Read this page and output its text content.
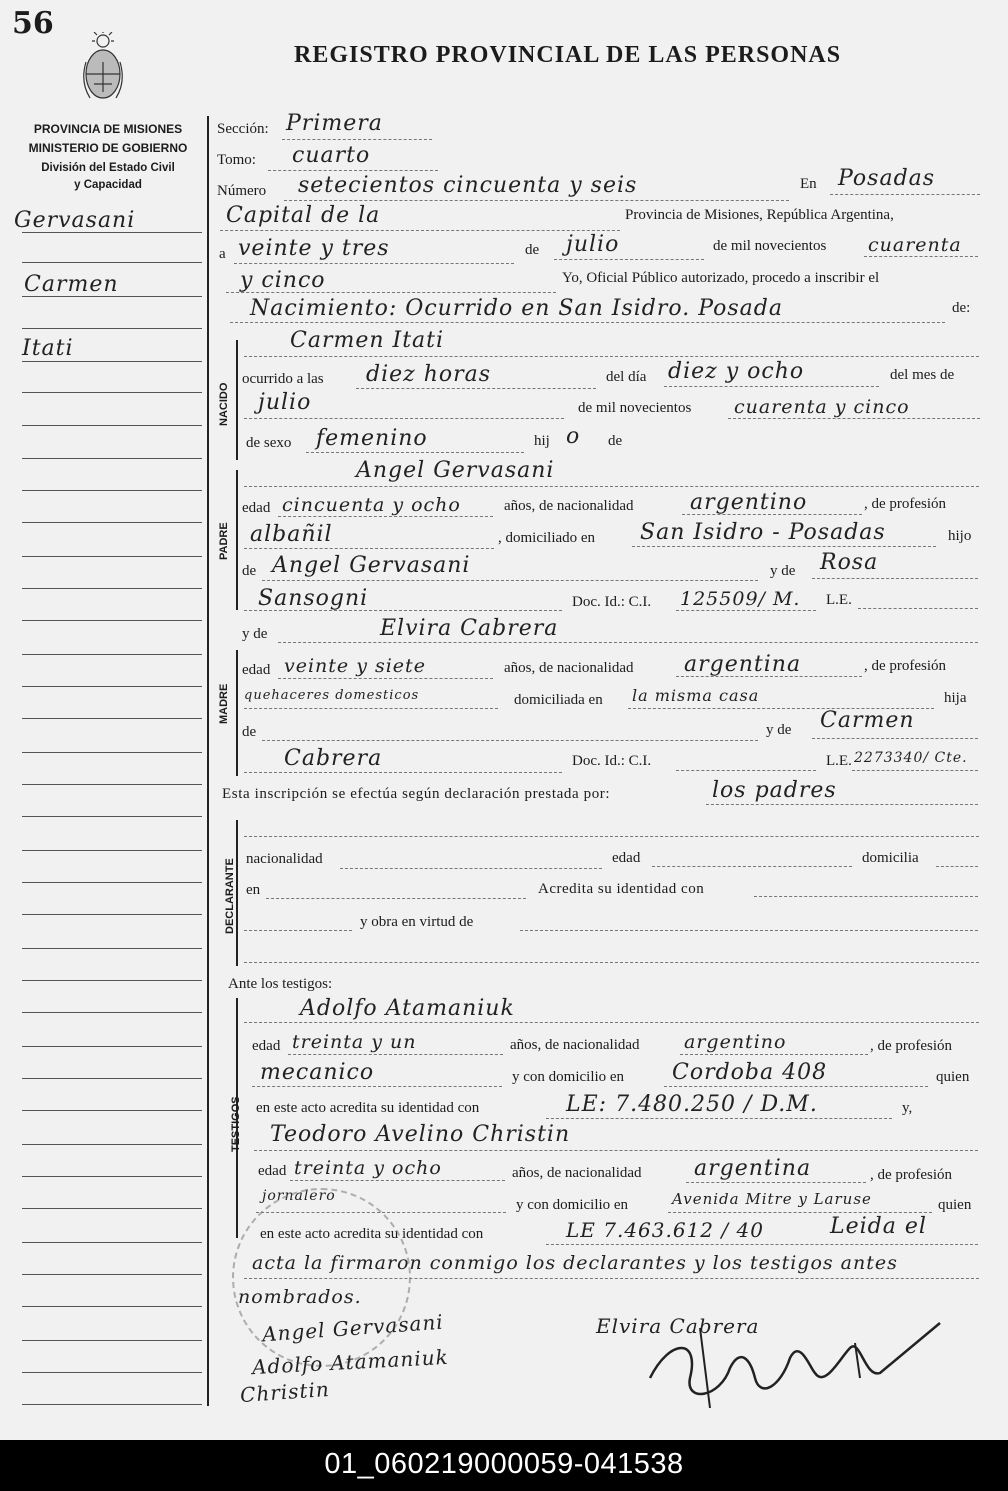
56
REGISTRO PROVINCIAL DE LAS PERSONAS
PROVINCIA DE MISIONES
MINISTERIO DE GOBIERNO
División del Estado Civil
y Capacidad
Gervasani
Carmen
Itati
Sección: Primera
Tomo: cuarto
Número setecientos cincuenta y seis	En Posadas
Capital de la	Provincia de Misiones, República Argentina,
a veinte y tres	de julio	de mil novecientos cuarenta
y cinco	Yo, Oficial Público autorizado, procedo a inscribir el
Nacimiento: Ocurrido en San Isidro. Posada	de:
NACIDO
Carmen Itati
ocurrido a las diez horas	del día diez y ocho	del mes de
julio	de mil novecientos cuarenta y cinco
de sexo femenino	hij o de
PADRE
Angel Gervasani
edad cincuenta y ocho	años, de nacionalidad	argentino	, de profesión
albañil	, domiciliado en San Isidro - Posadas	hijo
de Angel Gervasani	y de Rosa
Sansogni	Doc. Id.: C.I. 125509/ M. L.E.
y de	Elvira Cabrera
MADRE
edad veinte y siete	años, de nacionalidad argentina	, de profesión
quehaceres domesticos	domiciliada en la misma casa	hija
de	y de Carmen
Cabrera	Doc. Id.: C.I.	L.E. 2273340/ Cte.
Esta inscripción se efectúa según declaración prestada por:	los padres
DECLARANTE nacionalidad	edad	domicilia
en	Acredita su identidad con
y obra en virtud de
Ante los testigos:
TESTIGOS
Adolfo Atamaniuk
edad treinta y un	años, de nacionalidad argentino	, de profesión
mecanico	y con domicilio en Cordoba 408	quien
en este acto acredita su identidad con	LE: 7.480.250 / D.M.	y,
Teodoro Avelino Christin
edad treinta y ocho	años, de nacionalidad argentina	, de profesión
jornalero
y con domicilio en	Avenida Mitre y Laruse	quien
en este acto acredita su identidad con	LE 7.463.612 / 40	Leida el
acta la firmaron conmigo los declarantes y los testigos antes
nombrados.
Angel Gervasani	Elvira Cabrera
Adolfo Atamaniuk
Christin
01_060219000059-041538
